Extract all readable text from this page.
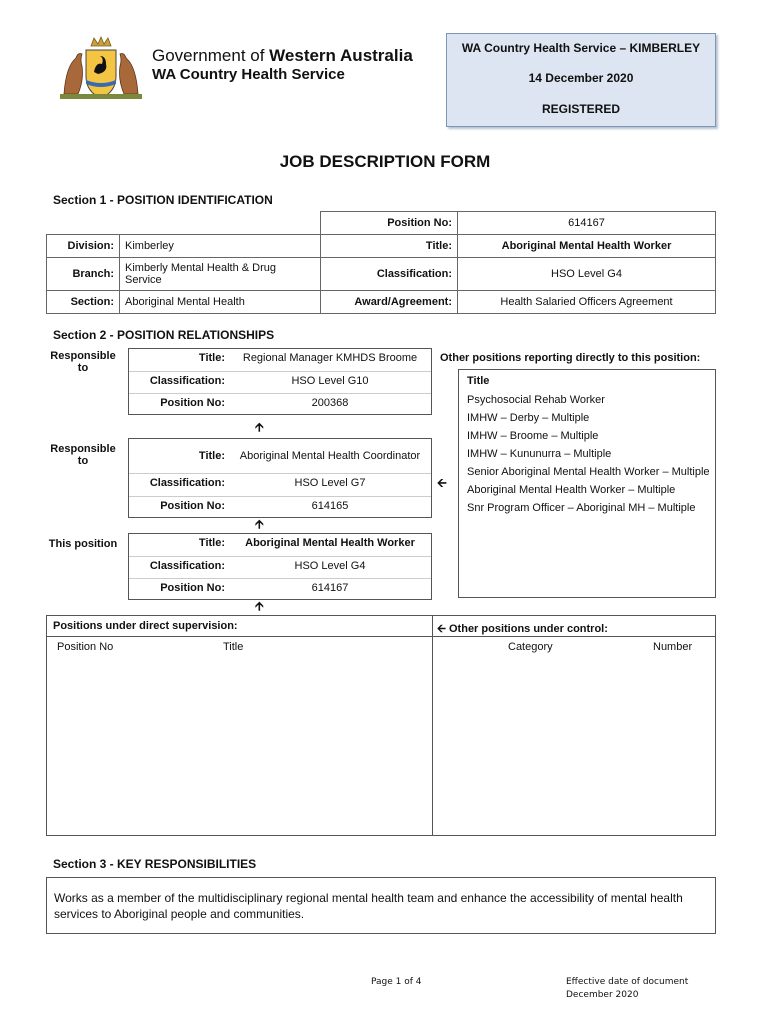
Government of Western Australia
WA Country Health Service
WA Country Health Service – KIMBERLEY
14 December 2020
REGISTERED
JOB DESCRIPTION FORM
Section 1 - POSITION IDENTIFICATION
		Position No:	614167
Division:	Kimberley	Title:	Aboriginal Mental Health Worker
Branch:	Kimberly Mental Health & Drug Service	Classification:	HSO Level G4
Section:	Aboriginal Mental Health	Award/Agreement:	Health Salaried Officers Agreement
Section 2 - POSITION RELATIONSHIPS
Responsible to
Title:	Regional Manager KMHDS Broome
Classification:	HSO Level G10
Position No:	200368
🡩
Responsible to	Title:	Aboriginal Mental Health Coordinator
Classification:	HSO Level G7
Position No:	614165
🡨
🡩
This position	Title:	Aboriginal Mental Health Worker
Classification:	HSO Level G4
Position No:	614167
🡩
Other positions reporting directly to this position:
Title
Psychosocial Rehab Worker
IMHW – Derby – Multiple
IMHW – Broome – Multiple
IMHW – Kununurra – Multiple
Senior Aboriginal Mental Health Worker – Multiple
Aboriginal Mental Health Worker – Multiple
Snr Program Officer – Aboriginal MH – Multiple
Positions under direct supervision:	🡨 Other positions under control:
Position No	Title	Category	Number
Section 3 - KEY RESPONSIBILITIES
Works as a member of the multidisciplinary regional mental health team and enhance the accessibility of mental health services to Aboriginal people and communities.
Page 1 of 4	Effective date of document
December 2020
